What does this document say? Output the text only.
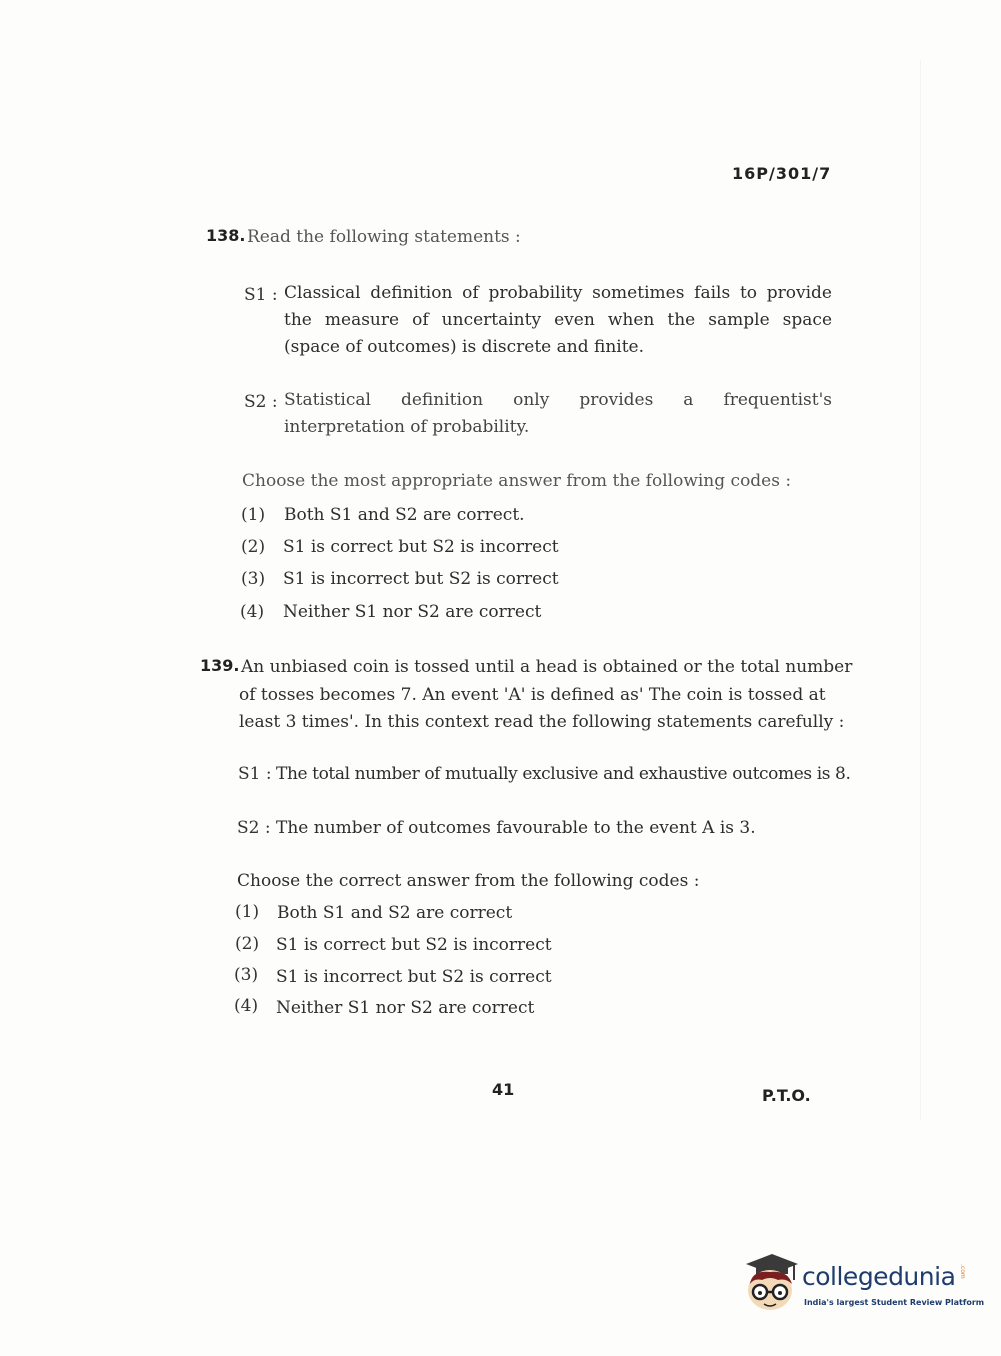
16P/301/7
138. Read the following statements :
S1 : Classical definition of probability sometimes fails to provide the measure of uncertainty even when the sample space (space of outcomes) is discrete and finite.
S2 : Statistical definition only provides a frequentist's interpretation of probability.
Choose the most appropriate answer from the following codes :
(1) Both S1 and S2 are correct.
(2) S1 is correct but S2 is incorrect
(3) S1 is incorrect but S2 is correct
(4) Neither S1 nor S2 are correct
139. An unbiased coin is tossed until a head is obtained or the total number
of tosses becomes 7. An event 'A' is defined as' The coin is tossed at
least 3 times'. In this context read the following statements carefully :
S1 : The total number of mutually exclusive and exhaustive outcomes is 8.
S2 : The number of outcomes favourable to the event A is 3.
Choose the correct answer from the following codes :
(1) Both S1 and S2 are correct
(2) S1 is correct but S2 is incorrect
(3) S1 is incorrect but S2 is correct
(4) Neither S1 nor S2 are correct
41	P.T.O.
collegedunia .com
India's largest Student Review Platform
